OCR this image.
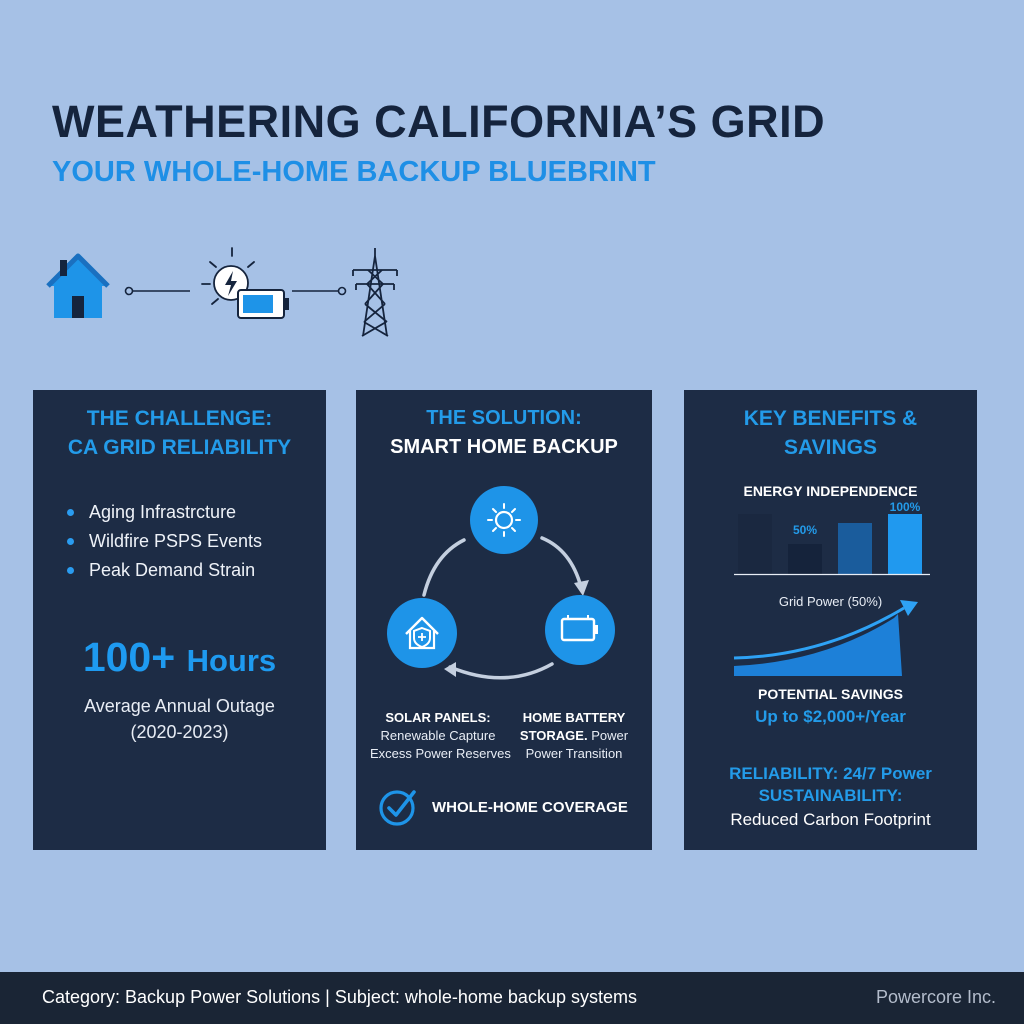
WEATHERING CALIFORNIA’S GRID
YOUR WHOLE-HOME BACKUP BLUEBRINT
THE CHALLENGE:
CA GRID RELIABILITY
Aging Infrastrcture
Wildfire PSPS Events
Peak Demand Strain
100+ Hours
Average Annual Outage
(2020-2023)
THE SOLUTION:
SMART HOME BACKUP
SOLAR PANELS:
Renewable Capture
Excess Power Reserves
HOME BATTERY
STORAGE. Power
Power Transition
WHOLE-HOME COVERAGE
KEY BENEFITS &
SAVINGS
ENERGY INDEPENDENCE
50%
100%
Grid Power (50%)
POTENTIAL SAVINGS
Up to $2,000+/Year
RELIABILITY: 24/7 Power
SUSTAINABILITY:
Reduced Carbon Footprint
Category: Backup Power Solutions | Subject: whole-home backup systems	Powercore Inc.
